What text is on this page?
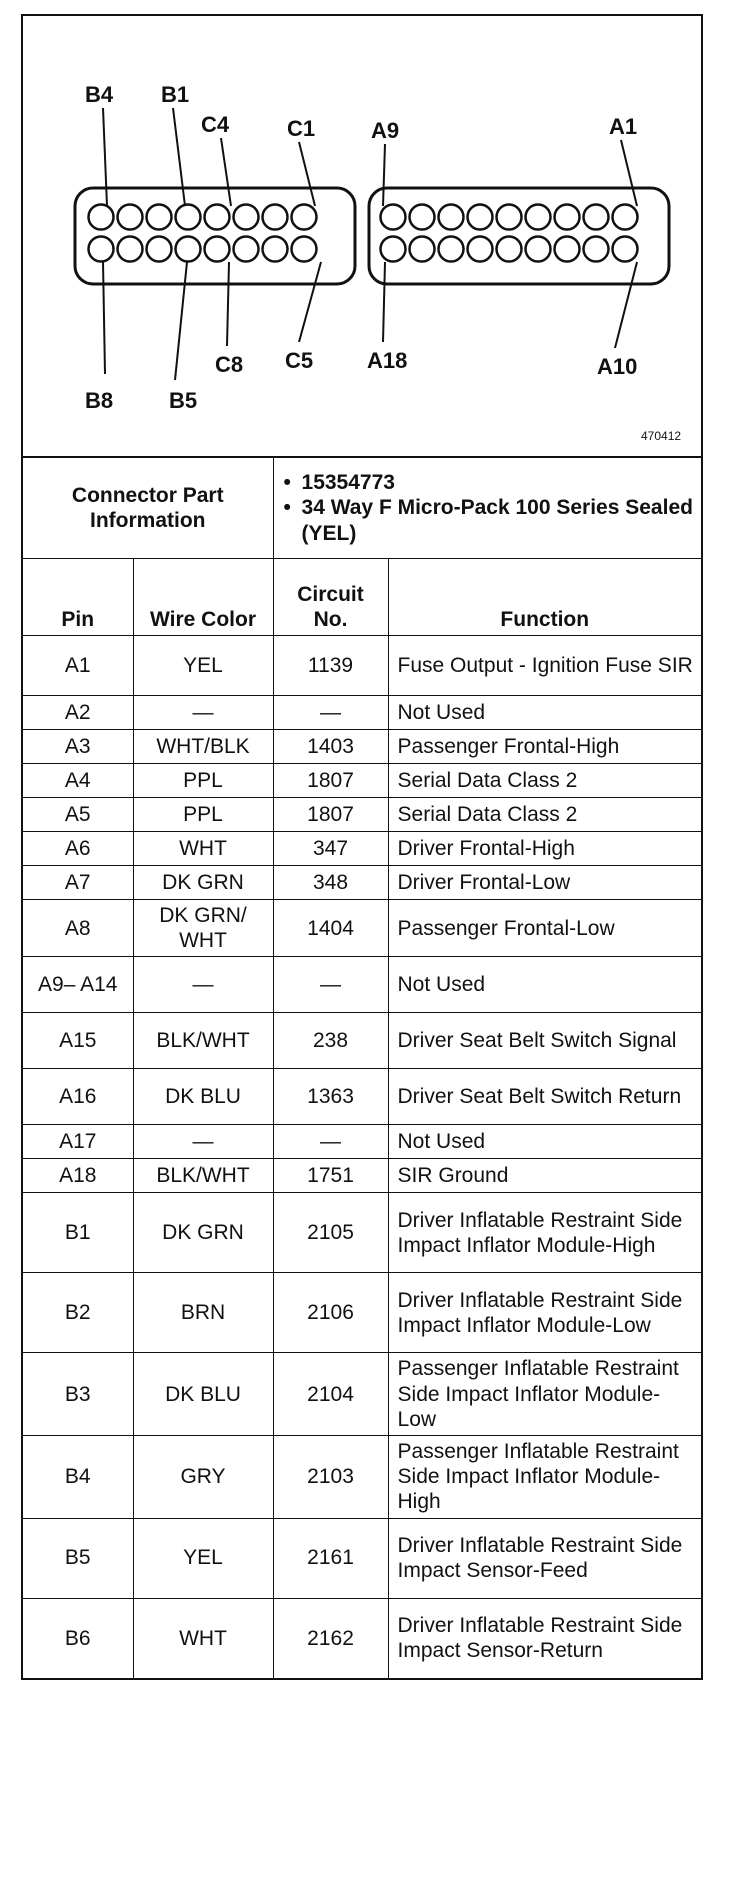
B4 B1
C4	C1	A9	A1
B8	B5
C8 C5 A18	A10
470412
Connector Part Information		• 15354773
• 34 Way F Micro-Pack 100 Series Sealed (YEL)	

Pin	Wire Color	Circuit No.	Function
A1	YEL	1139	Fuse Output - Ignition Fuse SIR
A2	—	—	Not Used
A3	WHT/BLK	1403	Passenger Frontal-High
A4	PPL	1807	Serial Data Class 2
A5	PPL	1807	Serial Data Class 2
A6	WHT	347	Driver Frontal-High
A7	DK GRN	348	Driver Frontal-Low
A8	DK GRN/ WHT	1404	Passenger Frontal-Low
A9– A14	—	—	Not Used
A15	BLK/WHT	238	Driver Seat Belt Switch Signal
A16	DK BLU	1363	Driver Seat Belt Switch Return
A17	—	—	Not Used
A18	BLK/WHT	1751	SIR Ground
B1	DK GRN	2105	Driver Inflatable Restraint Side Impact Inflator Module-High
B2	BRN	2106	Driver Inflatable Restraint Side Impact Inflator Module-Low
B3	DK BLU	2104	Passenger Inflatable Restraint Side Impact Inflator Module-Low
B4	GRY	2103	Passenger Inflatable Restraint Side Impact Inflator Module-High
B5	YEL	2161	Driver Inflatable Restraint Side Impact Sensor-Feed
B6	WHT	2162	Driver Inflatable Restraint Side Impact Sensor-Return
